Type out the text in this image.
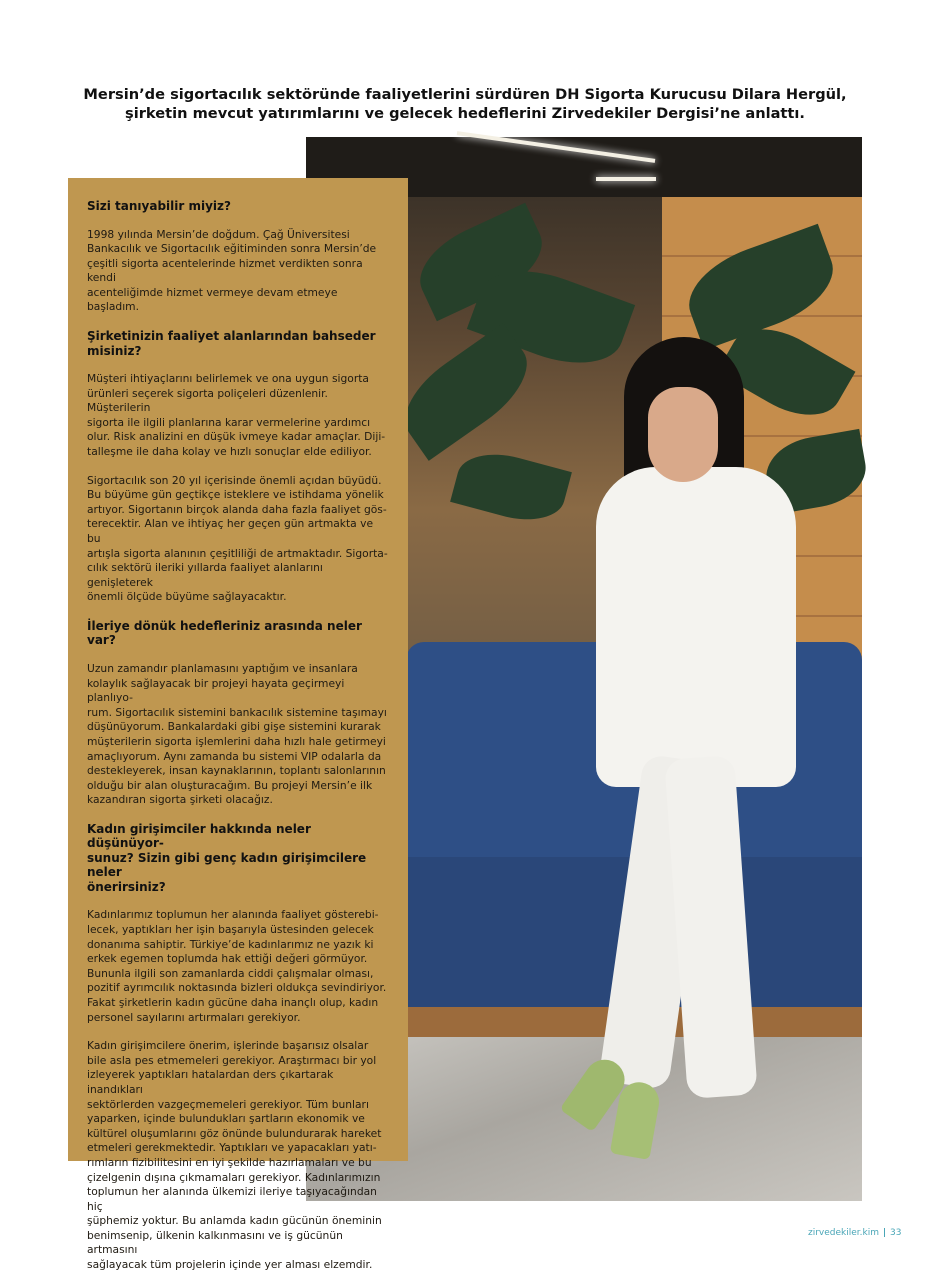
Mersin’de sigortacılık sektöründe faaliyetlerini sürdüren DH Sigorta Kurucusu Dilara Hergül,
şirketin mevcut yatırımlarını ve gelecek hedeflerini Zirvedekiler Dergisi’ne anlattı.

Sizi tanıyabilir miyiz?

1998 yılında Mersin’de doğdum. Çağ Üniversitesi
Bankacılık ve Sigortacılık eğitiminden sonra Mersin’de
çeşitli sigorta acentelerinde hizmet verdikten sonra kendi
acenteliğimde hizmet vermeye devam etmeye başladım.

Şirketinizin faaliyet alanlarından bahseder
misiniz?

Müşteri ihtiyaçlarını belirlemek ve ona uygun sigorta
ürünleri seçerek sigorta poliçeleri düzenlenir. Müşterilerin
sigorta ile ilgili planlarına karar vermelerine yardımcı
olur. Risk analizini en düşük ivmeye kadar amaçlar. Diji-
talleşme ile daha kolay ve hızlı sonuçlar elde ediliyor.

Sigortacılık son 20 yıl içerisinde önemli açıdan büyüdü.
Bu büyüme gün geçtikçe isteklere ve istihdama yönelik
artıyor. Sigortanın birçok alanda daha fazla faaliyet gös-
terecektir. Alan ve ihtiyaç her geçen gün artmakta ve bu
artışla sigorta alanının çeşitliliği de artmaktadır. Sigorta-
cılık sektörü ileriki yıllarda faaliyet alanlarını genişleterek
önemli ölçüde büyüme sağlayacaktır.

İleriye dönük hedefleriniz arasında neler var?

Uzun zamandır planlamasını yaptığım ve insanlara
kolaylık sağlayacak bir projeyi hayata geçirmeyi planlıyo-
rum. Sigortacılık sistemini bankacılık sistemine taşımayı
düşünüyorum. Bankalardaki gibi gişe sistemini kurarak
müşterilerin sigorta işlemlerini daha hızlı hale getirmeyi
amaçlıyorum. Aynı zamanda bu sistemi VIP odalarla da
destekleyerek, insan kaynaklarının, toplantı salonlarının
olduğu bir alan oluşturacağım. Bu projeyi Mersin’e ilk
kazandıran sigorta şirketi olacağız.

Kadın girişimciler hakkında neler düşünüyor-
sunuz? Sizin gibi genç kadın girişimcilere neler
önerirsiniz?

Kadınlarımız toplumun her alanında faaliyet gösterebi-
lecek, yaptıkları her işin başarıyla üstesinden gelecek
donanıma sahiptir. Türkiye’de kadınlarımız ne yazık ki
erkek egemen toplumda hak ettiği değeri görmüyor.
Bununla ilgili son zamanlarda ciddi çalışmalar olması,
pozitif ayrımcılık noktasında bizleri oldukça sevindiriyor.
Fakat şirketlerin kadın gücüne daha inançlı olup, kadın
personel sayılarını artırmaları gerekiyor.

Kadın girişimcilere önerim, işlerinde başarısız olsalar
bile asla pes etmemeleri gerekiyor. Araştırmacı bir yol
izleyerek yaptıkları hatalardan ders çıkartarak inandıkları
sektörlerden vazgeçmemeleri gerekiyor. Tüm bunları
yaparken, içinde bulundukları şartların ekonomik ve
kültürel oluşumlarını göz önünde bulundurarak hareket
etmeleri gerekmektedir. Yaptıkları ve yapacakları yatı-
rımların fizibilitesini en iyi şekilde hazırlamaları ve bu
çizelgenin dışına çıkmamaları gerekiyor. Kadınlarımızın
toplumun her alanında ülkemizi ileriye taşıyacağından hiç
şüphemiz yoktur. Bu anlamda kadın gücünün öneminin
benimsenip, ülkenin kalkınmasını ve iş gücünün artmasını
sağlayacak tüm projelerin içinde yer alması elzemdir.

zirvedekiler.kim 33
